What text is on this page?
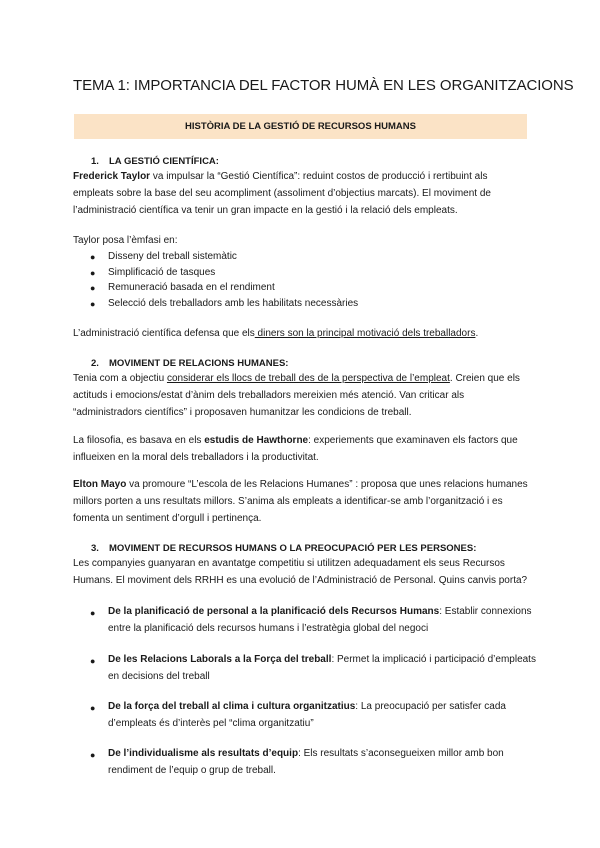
TEMA 1: IMPORTANCIA DEL FACTOR HUMÀ EN LES ORGANITZACIONS
HISTÒRIA DE LA GESTIÓ DE RECURSOS HUMANS
1. LA GESTIÓ CIENTÍFICA:
Frederick Taylor va impulsar la “Gestió Científica”: reduint costos de producció i rertibuint als
empleats sobre la base del seu acompliment (assoliment d’objectius marcats). El moviment de
l’administració científica va tenir un gran impacte en la gestió i la relació dels empleats.
Taylor posa l’èmfasi en:
● Disseny del treball sistemàtic
● Simplificació de tasques
● Remuneració basada en el rendiment
● Selecció dels treballadors amb les habilitats necessàries
L’administració científica defensa que els diners son la principal motivació dels treballadors.
2. MOVIMENT DE RELACIONS HUMANES:
Tenia com a objectiu considerar els llocs de treball des de la perspectiva de l’empleat. Creien que els
actituds i emocions/estat d’ànim dels treballadors mereixien més atenció. Van criticar als
“administradors científics” i proposaven humanitzar les condicions de treball.
La filosofia, es basava en els estudis de Hawthorne: experiements que examinaven els factors que
influeixen en la moral dels treballadors i la productivitat.
Elton Mayo va promoure “L’escola de les Relacions Humanes” : proposa que unes relacions humanes
millors porten a uns resultats millors. S’anima als empleats a identificar-se amb l’organització i es
fomenta un sentiment d’orgull i pertinença.
3. MOVIMENT DE RECURSOS HUMANS O LA PREOCUPACIÓ PER LES PERSONES:
Les companyies guanyaran en avantatge competitiu si utilitzen adequadament els seus Recursos
Humans. El moviment dels RRHH es una evolució de l’Administració de Personal. Quins canvis porta?
● De la planificació de personal a la planificació dels Recursos Humans: Establir connexions
entre la planificació dels recursos humans i l’estratègia global del negoci
● De les Relacions Laborals a la Força del treball: Permet la implicació i participació d’empleats
en decisions del treball
● De la força del treball al clima i cultura organitzatius: La preocupació per satisfer cada
d’empleats és d’interès pel “clima organitzatiu”
● De l’individualisme als resultats d’equip: Els resultats s’aconsegueixen millor amb bon
rendiment de l’equip o grup de treball.
